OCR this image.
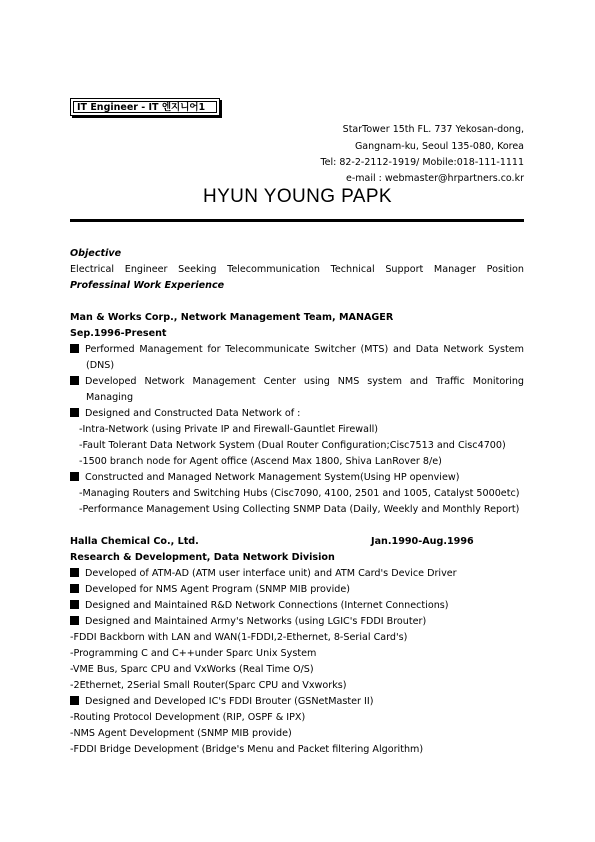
IT Engineer - IT 엔지니어1
StarTower 15th FL. 737 Yekosan-dong,
Gangnam-ku, Seoul 135-080, Korea
Tel: 82-2-2112-1919/ Mobile:018-111-1111
e-mail : webmaster@hrpartners.co.kr
HYUN YOUNG PAPK
Objective
Electrical Engineer Seeking Telecommunication Technical Support Manager Position
Professinal Work Experience
Man & Works Corp., Network Management Team, MANAGER
Sep.1996-Present
Performed Management for Telecommunicate Switcher (MTS) and Data Network System
(DNS)
Developed Network Management Center using NMS system and Traffic Monitoring
Managing
Designed and Constructed Data Network of :
-Intra-Network (using Private IP and Firewall-Gauntlet Firewall)
-Fault Tolerant Data Network System (Dual Router Configuration;Cisc7513 and Cisc4700)
-1500 branch node for Agent office (Ascend Max 1800, Shiva LanRover 8/e)
Constructed and Managed Network Management System(Using HP openview)
-Managing Routers and Switching Hubs (Cisc7090, 4100, 2501 and 1005, Catalyst 5000etc)
-Performance Management Using Collecting SNMP Data (Daily, Weekly and Monthly Report)
Halla Chemical Co., Ltd.	Jan.1990-Aug.1996
Research & Development, Data Network Division
Developed of ATM-AD (ATM user interface unit) and ATM Card's Device Driver
Developed for NMS Agent Program (SNMP MIB provide)
Designed and Maintained R&D Network Connections (Internet Connections)
Designed and Maintained Army's Networks (using LGIC's FDDI Brouter)
-FDDI Backborn with LAN and WAN(1-FDDI,2-Ethernet, 8-Serial Card's)
-Programming C and C++under Sparc Unix System
-VME Bus, Sparc CPU and VxWorks (Real Time O/S)
-2Ethernet, 2Serial Small Router(Sparc CPU and Vxworks)
Designed and Developed IC's FDDI Brouter (GSNetMaster II)
-Routing Protocol Development (RIP, OSPF & IPX)
-NMS Agent Development (SNMP MIB provide)
-FDDI Bridge Development (Bridge's Menu and Packet filtering Algorithm)
